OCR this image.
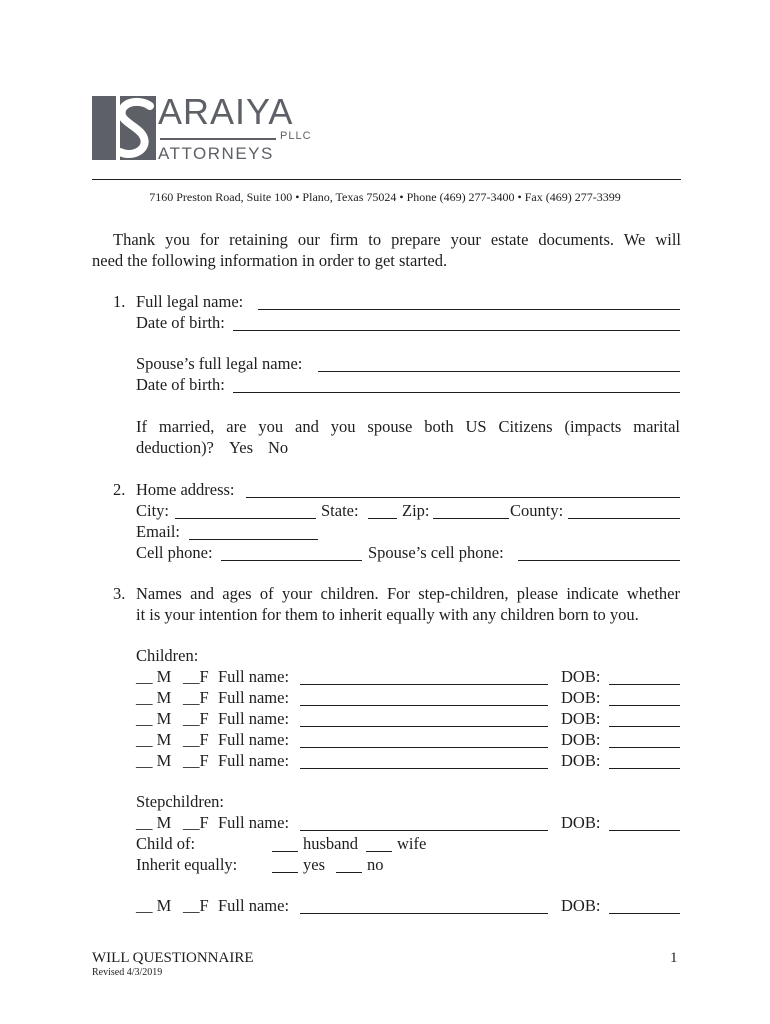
ARAIYA
PLLC
ATTORNEYS
7160 Preston Road, Suite 100 • Plano, Texas 75024 • Phone (469) 277-3400 • Fax (469) 277-3399
Thank you for retaining our firm to prepare your estate documents. We will
need the following information in order to get started.
1. Full legal name:
Date of birth:
Spouse’s full legal name:
Date of birth:
If married, are you and you spouse both US Citizens (impacts marital
deduction)? Yes No
2. Home address:
City:	State:	Zip:	County:
Email:
Cell phone:	Spouse’s cell phone:
3. Names and ages of your children. For step-children, please indicate whether
it is your intention for them to inherit equally with any children born to you.
Children:
__ M __F Full name:	DOB:
__ M __F Full name:	DOB:
__ M __F Full name:	DOB:
__ M __F Full name:	DOB:
__ M __F Full name:	DOB:
Stepchildren:
__ M __F Full name:	DOB:
Child of:	husband wife
Inherit equally:	yes	no
__ M __F Full name:	DOB:
WILL QUESTIONNAIRE	1
Revised 4/3/2019
